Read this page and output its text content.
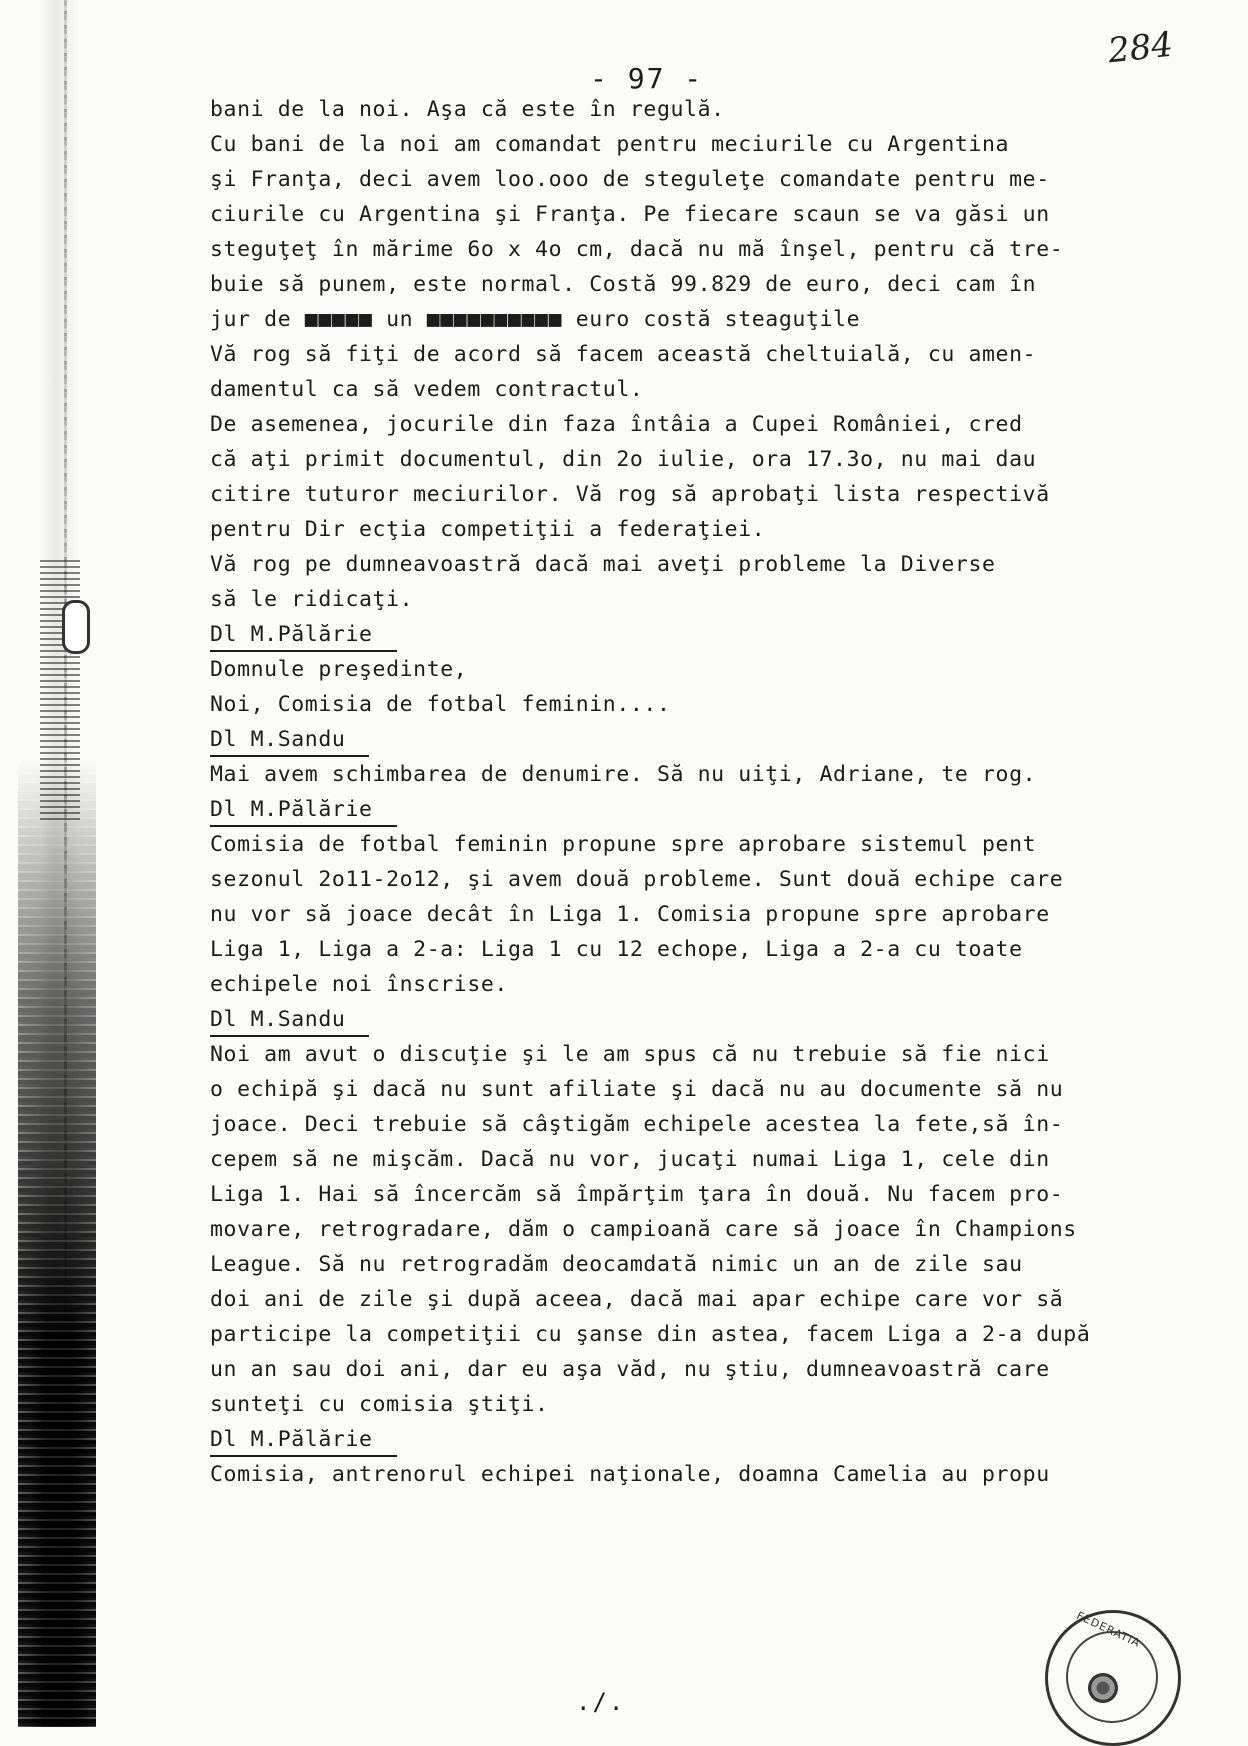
- 97 -
284
bani de la noi. Aşa că este în regulă.
Cu bani de la noi am comandat pentru meciurile cu Argentina
şi Franţa, deci avem loo.ooo de steguleţe comandate pentru me-
ciurile cu Argentina şi Franţa. Pe fiecare scaun se va găsi un
steguţeţ în mărime 6o x 4o cm, dacă nu mă înşel, pentru că tre-
buie să punem, este normal. Costă 99.829 de euro, deci cam în
jur de ■■■■■ un ■■■■■■■■■■ euro costă steaguţile
Vă rog să fiţi de acord să facem această cheltuială, cu amen-
damentul ca să vedem contractul.
De asemenea, jocurile din faza întâia a Cupei României, cred
că aţi primit documentul, din 2o iulie, ora 17.3o, nu mai dau
citire tuturor meciurilor. Vă rog să aprobaţi lista respectivă
pentru Dir ecţia competiţii a federaţiei.
Vă rog pe dumneavoastră dacă mai aveţi probleme la Diverse
să le ridicaţi.
Dl M.Pălărie
Domnule preşedinte,
Noi, Comisia de fotbal feminin....
Dl M.Sandu
Mai avem schimbarea de denumire. Să nu uiţi, Adriane, te rog.
Dl M.Pălărie
Comisia de fotbal feminin propune spre aprobare sistemul pent
sezonul 2o11-2o12, şi avem două probleme. Sunt două echipe care
nu vor să joace decât în Liga 1. Comisia propune spre aprobare
Liga 1, Liga a 2-a: Liga 1 cu 12 echope, Liga a 2-a cu toate
echipele noi înscrise.
Dl M.Sandu
Noi am avut o discuţie şi le am spus că nu trebuie să fie nici
o echipă şi dacă nu sunt afiliate şi dacă nu au documente să nu
joace. Deci trebuie să câştigăm echipele acestea la fete,să în-
cepem să ne mişcăm. Dacă nu vor, jucaţi numai Liga 1, cele din
Liga 1. Hai să încercăm să împărţim ţara în două. Nu facem pro-
movare, retrogradare, dăm o campioană care să joace în Champions
League. Să nu retrogradăm deocamdată nimic un an de zile sau
doi ani de zile şi după aceea, dacă mai apar echipe care vor să
participe la competiţii cu şanse din astea, facem Liga a 2-a după
un an sau doi ani, dar eu aşa văd, nu ştiu, dumneavoastră care
sunteţi cu comisia ştiţi.
Dl M.Pălărie
Comisia, antrenorul echipei naţionale, doamna Camelia au propu
./.
FEDERATIA
